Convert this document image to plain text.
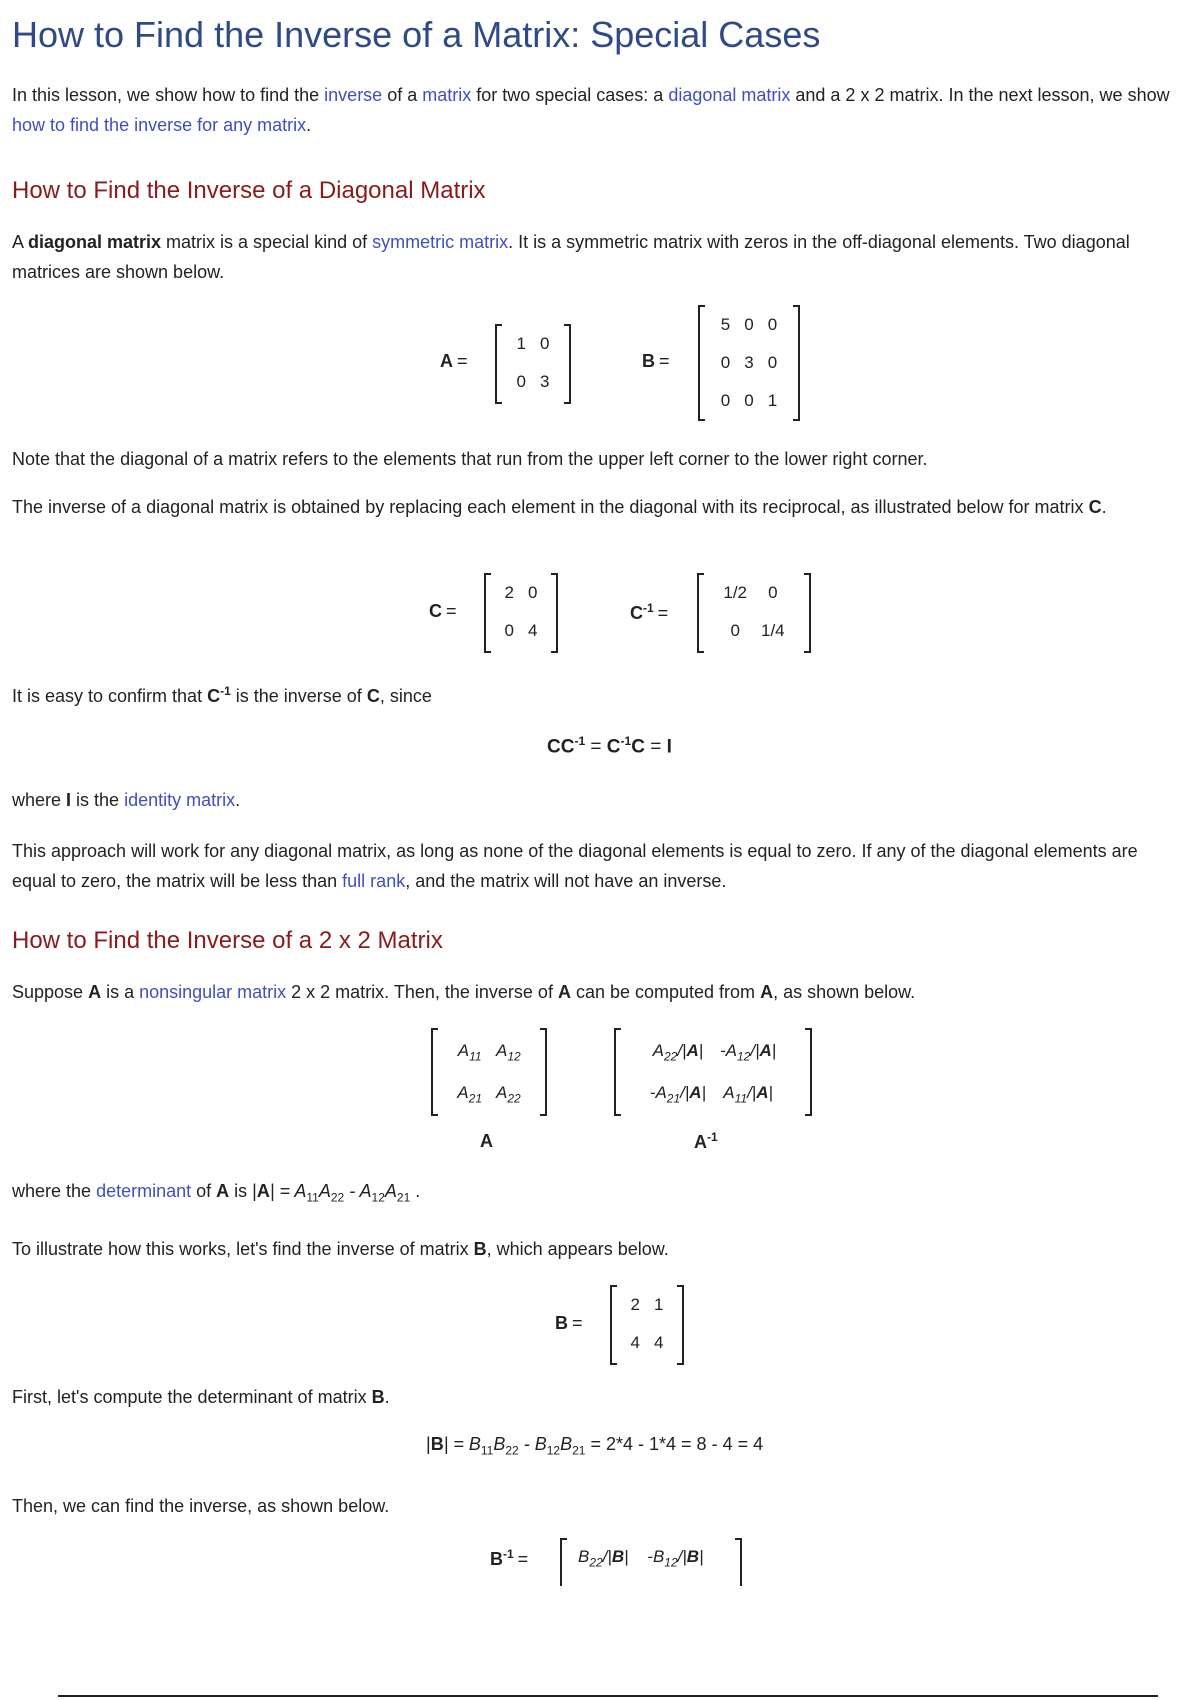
How to Find the Inverse of a Matrix: Special Cases

In this lesson, we show how to find the inverse of a matrix for two special cases: a diagonal matrix and a 2 x 2 matrix. In the next lesson, we show how to find the inverse for any matrix.

How to Find the Inverse of a Diagonal Matrix

A diagonal matrix matrix is a special kind of symmetric matrix. It is a symmetric matrix with zeros in the off-diagonal elements. Two diagonal matrices are shown below.

A =
1	0
0	3
B =
5	0	0
0	3	0
0	0	1

Note that the diagonal of a matrix refers to the elements that run from the upper left corner to the lower right corner.

The inverse of a diagonal matrix is obtained by replacing each element in the diagonal with its reciprocal, as illustrated below for matrix C.

C =
2	0
0	4
$C^{-1}$ =
1/2	0
0	1/4

It is easy to confirm that $C^{-1}$ is the inverse of C, since

$CC^{-1} = C^{-1}C = I$

where I is the identity matrix.

This approach will work for any diagonal matrix, as long as none of the diagonal elements is equal to zero. If any of the diagonal elements are equal to zero, the matrix will be less than full rank, and the matrix will not have an inverse.

How to Find the Inverse of a 2 x 2 Matrix

Suppose A is a nonsingular matrix 2 x 2 matrix. Then, the inverse of A can be computed from A, as shown below.

$A_{11}$	$A_{12}$
$A_{21}$	$A_{22}$
A
$A_{22}/|A|$	$-A_{12}/|A|$
$-A_{21}/|A|$	$A_{11}/|A|$
$A^{-1}$

where the determinant of A is $|A| = A_{11}A_{22} - A_{12}A_{21}$ .

To illustrate how this works, let's find the inverse of matrix B, which appears below.

B =
2	1
4	4

First, let's compute the determinant of matrix B.

$|B| = B_{11}B_{22} - B_{12}B_{21} = 2*4 - 1*4 = 8 - 4 = 4$

Then, we can find the inverse, as shown below.

$B^{-1}$ =	$B_{22}/|B|$ $-B_{12}/|B|$
